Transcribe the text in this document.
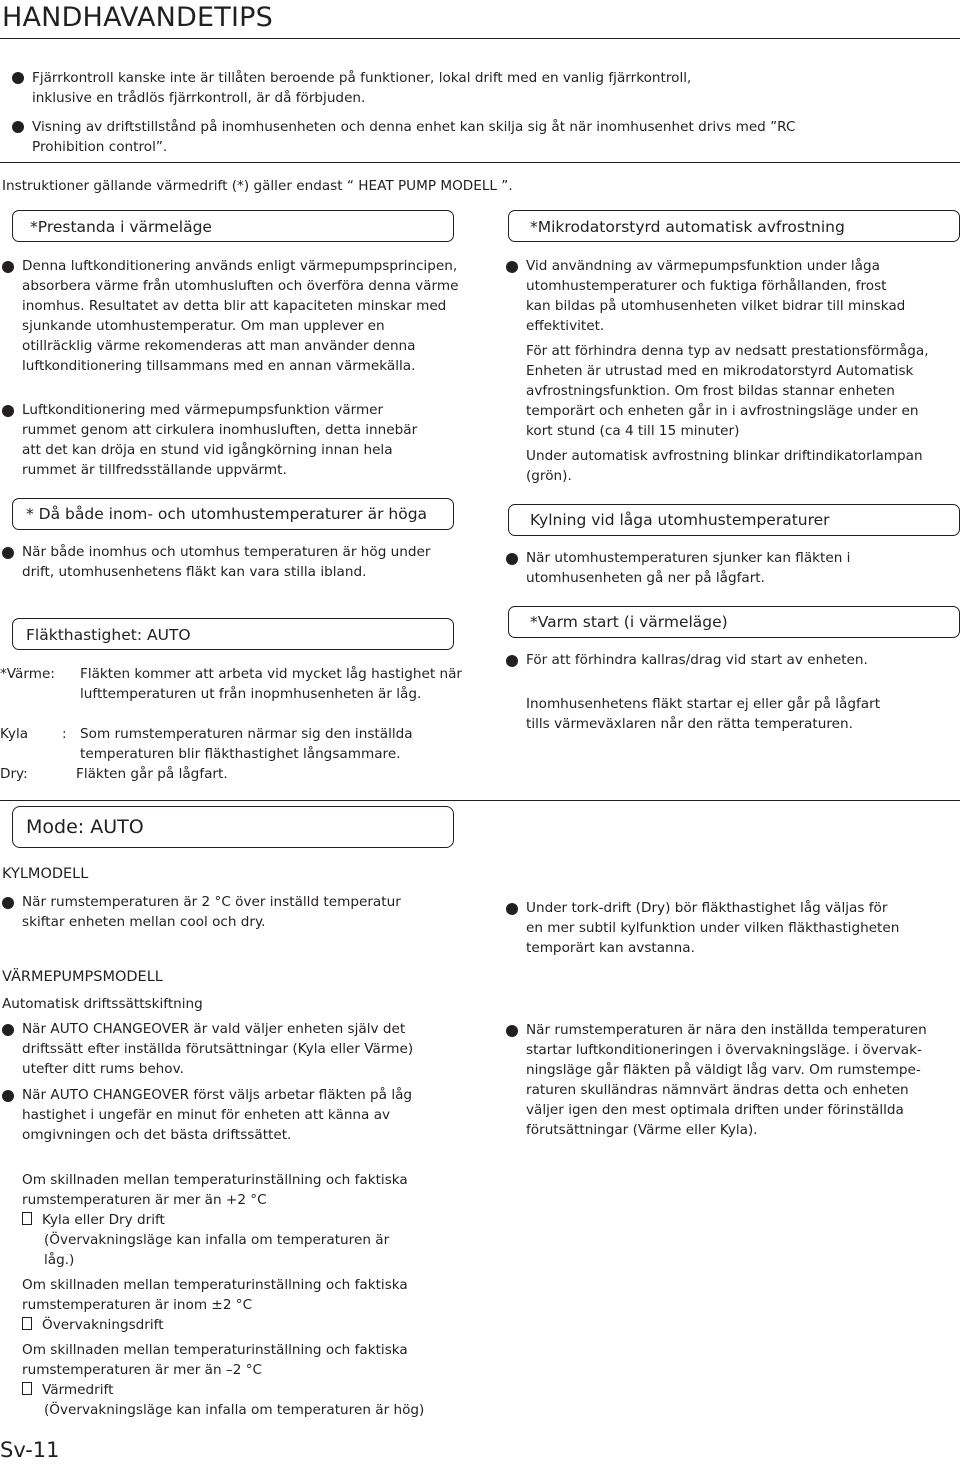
HANDHAVANDETIPS
Fjärrkontroll kanske inte är tillåten beroende på funktioner, lokal drift med en vanlig fjärrkontroll,
inklusive en trådlös fjärrkontroll, är då förbjuden.
Visning av driftstillstånd på inomhusenheten och denna enhet kan skilja sig åt när inomhusenhet drivs med ”RC
Prohibition control”.
Instruktioner gällande värmedrift (*) gäller endast “ HEAT PUMP MODELL ”.
*Prestanda i värmeläge
Denna luftkonditionering används enligt värmepumpsprincipen,
absorbera värme från utomhusluften och överföra denna värme
inomhus. Resultatet av detta blir att kapaciteten minskar med
sjunkande utomhustemperatur. Om man upplever en
otillräcklig värme rekomenderas att man använder denna
luftkonditionering tillsammans med en annan värmekälla.
Luftkonditionering med värmepumpsfunktion värmer
rummet genom att cirkulera inomhusluften, detta innebär
att det kan dröja en stund vid igångkörning innan hela
rummet är tillfredsställande uppvärmt.
* Då både inom- och utomhustemperaturer är höga
När både inomhus och utomhus temperaturen är hög under
drift, utomhusenhetens fläkt kan vara stilla ibland.
Fläkthastighet: AUTO
*Värme: Fläkten kommer att arbeta vid mycket låg hastighet när
lufttemperaturen ut från inopmhusenheten är låg.
Kyla : Som rumstemperaturen närmar sig den inställda
temperaturen blir fläkthastighet långsammare.
Dry:	Fläkten går på lågfart.
*Mikrodatorstyrd automatisk avfrostning
Vid användning av värmepumpsfunktion under låga
utomhustemperaturer och fuktiga förhållanden, frost
kan bildas på utomhusenheten vilket bidrar till minskad
effektivitet.
För att förhindra denna typ av nedsatt prestationsförmåga,
Enheten är utrustad med en mikrodatorstyrd Automatisk
avfrostningsfunktion. Om frost bildas stannar enheten
temporärt och enheten går in i avfrostningsläge under en
kort stund (ca 4 till 15 minuter)
Under automatisk avfrostning blinkar driftindikatorlampan
(grön).
Kylning vid låga utomhustemperaturer
När utomhustemperaturen sjunker kan fläkten i
utomhusenheten gå ner på lågfart.
*Varm start (i värmeläge)
För att förhindra kallras/drag vid start av enheten.
Inomhusenhetens fläkt startar ej eller går på lågfart
tills värmeväxlaren når den rätta temperaturen.
Mode: AUTO
KYLMODELL
När rumstemperaturen är 2 °C över inställd temperatur
skiftar enheten mellan cool och dry.
Under tork-drift (Dry) bör fläkthastighet låg väljas för
en mer subtil kylfunktion under vilken fläkthastigheten
temporärt kan avstanna.
VÄRMEPUMPSMODELL
Automatisk driftssättskiftning
När AUTO CHANGEOVER är vald väljer enheten själv det
driftssätt efter inställda förutsättningar (Kyla eller Värme)
utefter ditt rums behov.
När AUTO CHANGEOVER först väljs arbetar fläkten på låg
hastighet i ungefär en minut för enheten att känna av
omgivningen och det bästa driftssättet.
När rumstemperaturen är nära den inställda temperaturen
startar luftkonditioneringen i övervakningsläge. i övervak-
ningsläge går fläkten på väldigt låg varv. Om rumstempe-
raturen skulländras nämnvärt ändras detta och enheten
väljer igen den mest optimala driften under förinställda
förutsättningar (Värme eller Kyla).
Om skillnaden mellan temperaturinställning och faktiska
rumstemperaturen är mer än +2 °C
Kyla eller Dry drift
(Övervakningsläge kan infalla om temperaturen är
låg.)
Om skillnaden mellan temperaturinställning och faktiska
rumstemperaturen är inom ±2 °C
Övervakningsdrift
Om skillnaden mellan temperaturinställning och faktiska
rumstemperaturen är mer än –2 °C
Värmedrift
(Övervakningsläge kan infalla om temperaturen är hög)
Sv-11
